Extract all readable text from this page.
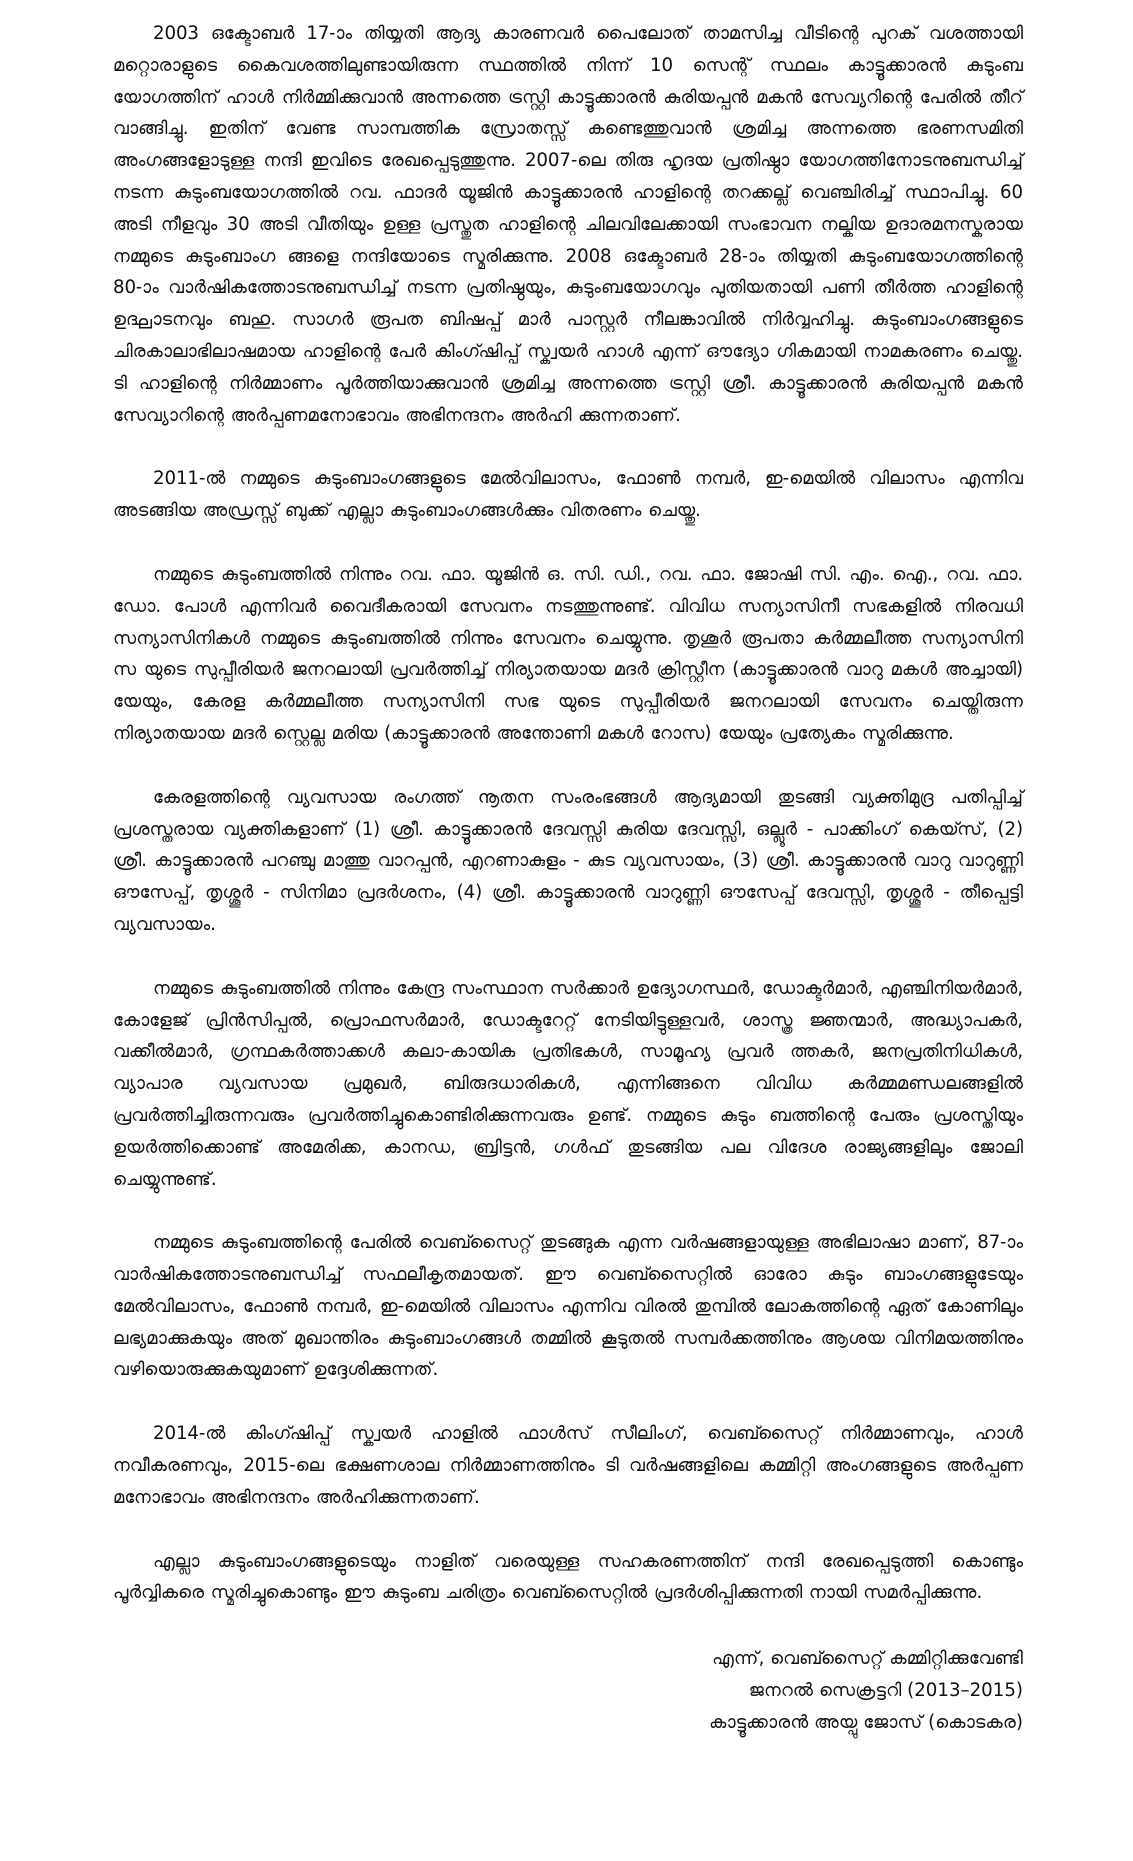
2003 ഒക്ടോബർ 17-ാം തിയ്യതി ആദ്യ കാരണവർ പൈലോത് താമസിച്ച വീടിന്റെ പുറക് വശത്തായി മറ്റൊരാളുടെ കൈവശത്തിലുണ്ടായിരുന്ന സ്ഥത്തിൽ നിന്ന് 10 സെന്റ് സ്ഥലം കാട്ടൂക്കാരൻ കുടുംബ യോഗത്തിന് ഹാൾ നിർമ്മിക്കുവാൻ അന്നത്തെ ട്രസ്റ്റി കാട്ടൂക്കാരൻ കുരിയപ്പൻ മകൻ സേവ്യറിന്റെ പേരിൽ തീറ് വാങ്ങിച്ചു. ഇതിന് വേണ്ട സാമ്പത്തിക സ്രോതസ്സ് കണ്ടെത്തുവാൻ ശ്രമിച്ച അന്നത്തെ ഭരണസമിതി അംഗങ്ങളോടുള്ള നന്ദി ഇവിടെ രേഖപ്പെടുത്തുന്നു. 2007-ലെ തിരു ഹൃദയ പ്രതിഷ്ഠാ യോഗത്തിനോടനുബന്ധിച്ച് നടന്ന കുടുംബയോഗത്തിൽ റവ. ഫാദർ യൂജിൻ കാട്ടൂക്കാരൻ ഹാളിന്റെ തറക്കല്ല് വെഞ്ചിരിച്ച് സ്ഥാപിച്ചു. 60 അടി നീളവും 30 അടി വീതിയും ഉള്ള പ്രസ്തുത ഹാളിന്റെ ചിലവിലേക്കായി സംഭാവന നല്കിയ ഉദാരമനസ്കരായ നമ്മുടെ കുടുംബാംഗ ങ്ങളെ നന്ദിയോടെ സ്മരിക്കുന്നു. 2008 ഒക്ടോബർ 28-ാം തിയ്യതി കുടുംബയോഗത്തിന്റെ 80-ാം വാർഷികത്തോടനുബന്ധിച്ച് നടന്ന പ്രതിഷ്ഠയും, കുടുംബയോഗവും പുതിയതായി പണി തീർത്ത ഹാളിന്റെ ഉദ്ഘാടനവും ബഹു. സാഗർ രൂപത ബിഷപ്പ് മാർ പാസ്റ്റർ നീലങ്കാവിൽ നിർവ്വഹിച്ചു. കുടുംബാംഗങ്ങളുടെ ചിരകാലാഭിലാഷമായ ഹാളിന്റെ പേർ കിംഗ്ഷിപ്പ് സ്ക്വയർ ഹാൾ എന്ന് ഔദ്യോ ഗികമായി നാമകരണം ചെയ്തു. ടി ഹാളിന്റെ നിർമ്മാണം പൂർത്തിയാക്കുവാൻ ശ്രമിച്ച അന്നത്തെ ട്രസ്റ്റി ശ്രീ. കാട്ടൂക്കാരൻ കുരിയപ്പൻ മകൻ സേവ്യാറിന്റെ അർപ്പണമനോഭാവം അഭിനന്ദനം അർഹി ക്കുന്നതാണ്.

2011-ൽ നമ്മുടെ കുടുംബാംഗങ്ങളുടെ മേൽവിലാസം, ഫോൺ നമ്പർ, ഇ-മെയിൽ വിലാസം എന്നിവ അടങ്ങിയ അഡ്രസ്സ് ബുക്ക് എല്ലാ കുടുംബാംഗങ്ങൾക്കും വിതരണം ചെയ്തു.

നമ്മുടെ കുടുംബത്തിൽ നിന്നും റവ. ഫാ. യൂജിൻ ഒ. സി. ഡി., റവ. ഫാ. ജോഷി സി. എം. ഐ., റവ. ഫാ. ഡോ. പോൾ എന്നിവർ വൈദീകരായി സേവനം നടത്തുന്നുണ്ട്. വിവിധ സന്യാസിനീ സഭകളിൽ നിരവധി സന്യാസിനികൾ നമ്മുടെ കുടുംബത്തിൽ നിന്നും സേവനം ചെയ്യുന്നു. തൃശൂർ രൂപതാ കർമ്മലീത്ത സന്യാസിനി സ യുടെ സുപ്പീരിയർ ജനറലായി പ്രവർത്തിച്ച് നിര്യാതയായ മദർ ക്രിസ്റ്റീന (കാട്ടൂക്കാരൻ വാറു മകൾ അച്ചായി) യേയും, കേരള കർമ്മലീത്ത സന്യാസിനി സഭ യുടെ സുപ്പീരിയർ ജനറലായി സേവനം ചെയ്തിരുന്ന നിര്യാതയായ മദർ സ്റ്റെല്ല മരിയ (കാട്ടൂക്കാരൻ അന്തോണി മകൾ റോസ) യേയും പ്രത്യേകം സ്മരിക്കുന്നു.

കേരളത്തിന്റെ വ്യവസായ രംഗത്ത് നൂതന സംരംഭങ്ങൾ ആദ്യമായി തുടങ്ങി വ്യക്തിമുദ്ര പതിപ്പിച്ച് പ്രശസ്തരായ വ്യക്തികളാണ് (1) ശ്രീ. കാട്ടൂക്കാരൻ ദേവസ്സി കുരിയ ദേവസ്സി, ഒല്ലൂർ - പാക്കിംഗ് കെയ്സ്, (2) ശ്രീ. കാട്ടൂക്കാരൻ പറഞ്ചു മാത്തു വാറപ്പൻ, എറണാകുളം - കുട വ്യവസായം, (3) ശ്രീ. കാട്ടൂക്കാരൻ വാറു വാറുണ്ണി ഔസേപ്പ്, തൃശ്ശൂർ - സിനിമാ പ്രദർശനം, (4) ശ്രീ. കാട്ടൂക്കാരൻ വാറുണ്ണി ഔസേപ്പ് ദേവസ്സി, തൃശ്ശൂർ - തീപ്പെട്ടി വ്യവസായം.

നമ്മുടെ കുടുംബത്തിൽ നിന്നും കേന്ദ്ര സംസ്ഥാന സർക്കാർ ഉദ്യോഗസ്ഥർ, ഡോക്ടർമാർ, എഞ്ചിനിയർമാർ, കോളേജ് പ്രിൻസിപ്പൽ, പ്രൊഫസർമാർ, ഡോക്ടറേറ്റ് നേടിയിട്ടുള്ളവർ, ശാസ്ത്ര ജ്ഞന്മാർ, അദ്ധ്യാപകർ, വക്കീൽമാർ, ഗ്രന്ഥകർത്താക്കൾ കലാ-കായിക പ്രതിഭകൾ, സാമൂഹ്യ പ്രവർ ത്തകർ, ജനപ്രതിനിധികൾ, വ്യാപാര വ്യവസായ പ്രമുഖർ, ബിരുദധാരികൾ, എന്നിങ്ങനെ വിവിധ കർമ്മമണ്ഡലങ്ങളിൽ പ്രവർത്തിച്ചിരുന്നവരും പ്രവർത്തിച്ചുകൊണ്ടിരിക്കുന്നവരും ഉണ്ട്. നമ്മുടെ കുടും ബത്തിന്റെ പേരും പ്രശസ്തിയും ഉയർത്തിക്കൊണ്ട് അമേരിക്ക, കാനഡ, ബ്രിട്ടൻ, ഗൾഫ് തുടങ്ങിയ പല വിദേശ രാജ്യങ്ങളിലും ജോലി ചെയ്യുന്നുണ്ട്.

നമ്മുടെ കുടുംബത്തിന്റെ പേരിൽ വെബ്സൈറ്റ് തുടങ്ങുക എന്ന വർഷങ്ങളായുള്ള അഭിലാഷാ മാണ്, 87-ാം വാർഷികത്തോടനുബന്ധിച്ച് സഫലീകൃതമായത്. ഈ വെബ്സൈറ്റിൽ ഓരോ കുടും ബാംഗങ്ങളുടേയും മേൽവിലാസം, ഫോൺ നമ്പർ, ഇ-മെയിൽ വിലാസം എന്നിവ വിരൽ തുമ്പിൽ ലോകത്തിന്റെ ഏത് കോണിലും ലഭ്യമാക്കുകയും അത് മുഖാന്തിരം കുടുംബാംഗങ്ങൾ തമ്മിൽ കൂടുതൽ സമ്പർക്കത്തിനും ആശയ വിനിമയത്തിനും വഴിയൊരുക്കുകയുമാണ് ഉദ്ദേശിക്കുന്നത്.

2014-ൽ കിംഗ്ഷിപ്പ് സ്ക്വയർ ഹാളിൽ ഫാൾസ് സീലിംഗ്, വെബ്സൈറ്റ് നിർമ്മാണവും, ഹാൾ നവീകരണവും, 2015-ലെ ഭക്ഷണശാല നിർമ്മാണത്തിനും ടി വർഷങ്ങളിലെ കമ്മിറ്റി അംഗങ്ങളുടെ അർപ്പണ മനോഭാവം അഭിനന്ദനം അർഹിക്കുന്നതാണ്.

എല്ലാ കുടുംബാംഗങ്ങളുടെയും നാളിത് വരെയുള്ള സഹകരണത്തിന് നന്ദി രേഖപ്പെടുത്തി കൊണ്ടും പൂർവ്വികരെ സ്മരിച്ചുകൊണ്ടും ഈ കുടുംബ ചരിത്രം വെബ്സൈറ്റിൽ പ്രദർശിപ്പിക്കുന്നതി നായി സമർപ്പിക്കുന്നു.

എന്ന്, വെബ്സൈറ്റ് കമ്മിറ്റിക്കുവേണ്ടി
ജനറൽ സെക്രട്ടറി (2013–2015)
കാട്ടൂക്കാരൻ അയ്പു ജോസ് (കൊടകര)
